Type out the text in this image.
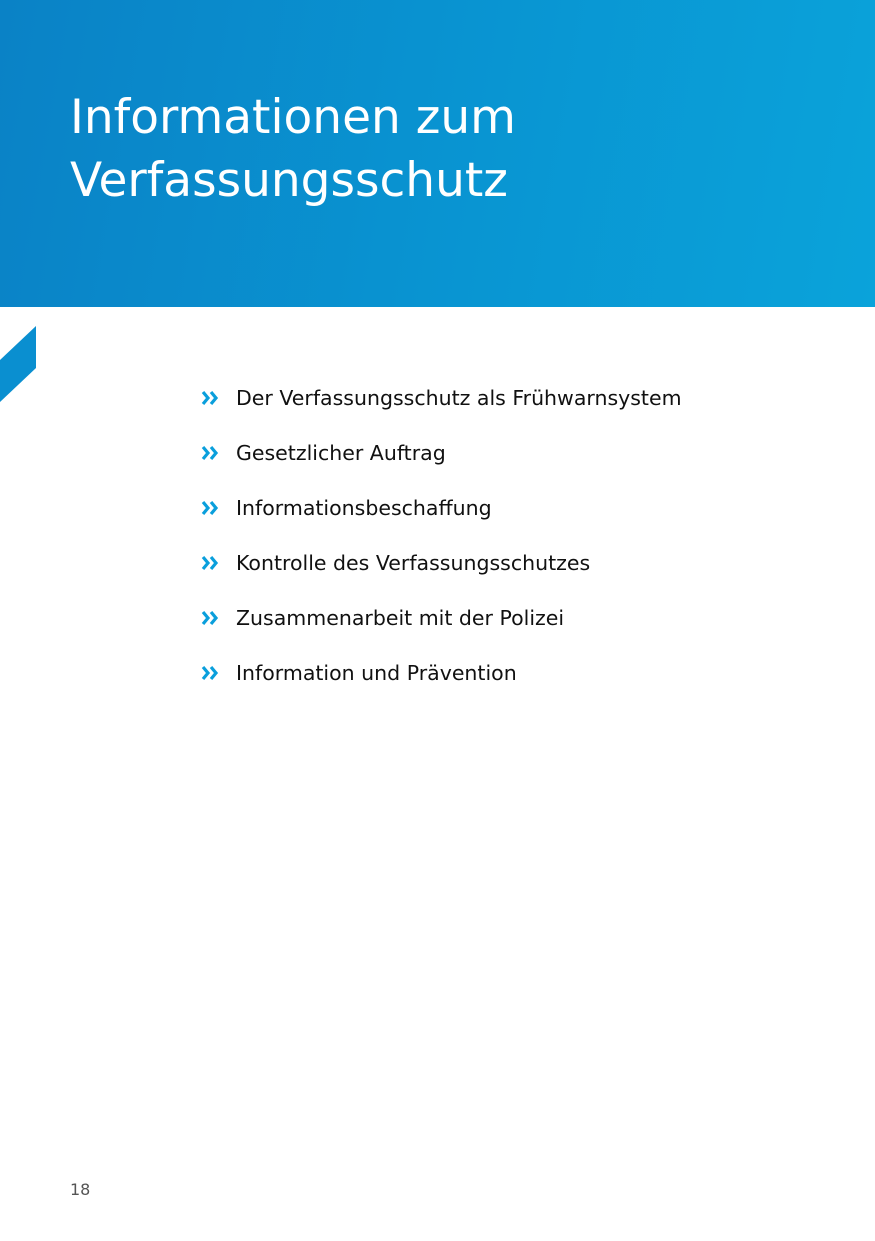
Informationen zum
Verfassungsschutz
Der Verfassungsschutz als Frühwarnsystem
Gesetzlicher Auftrag
Informationsbeschaffung
Kontrolle des Verfassungsschutzes
Zusammenarbeit mit der Polizei
Information und Prävention
18
